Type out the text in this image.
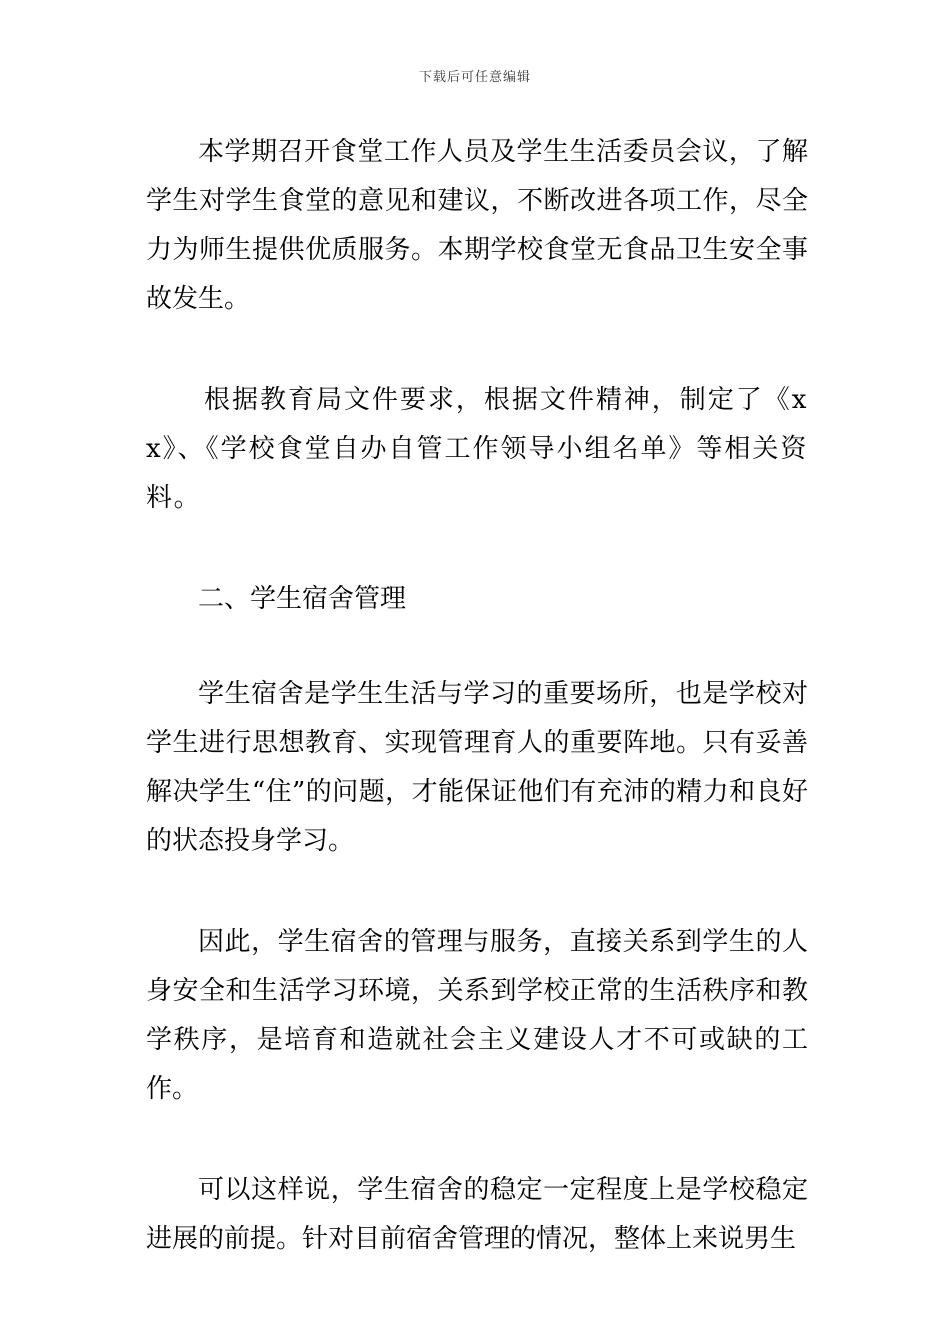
下载后可任意编辑

本学期召开食堂工作人员及学生生活委员会议，了解学生对学生食堂的意见和建议，不断改进各项工作，尽全力为师生提供优质服务。本期学校食堂无食品卫生安全事故发生。

根据教育局文件要求，根据文件精神，制定了《xx》、《学校食堂自办自管工作领导小组名单》等相关资料。

二、学生宿舍管理

学生宿舍是学生生活与学习的重要场所，也是学校对学生进行思想教育、实现管理育人的重要阵地。只有妥善解决学生“住”的问题，才能保证他们有充沛的精力和良好的状态投身学习。

因此，学生宿舍的管理与服务，直接关系到学生的人身安全和生活学习环境，关系到学校正常的生活秩序和教学秩序，是培育和造就社会主义建设人才不可或缺的工作。

可以这样说，学生宿舍的稳定一定程度上是学校稳定进展的前提。针对目前宿舍管理的情况，整体上来说男生
